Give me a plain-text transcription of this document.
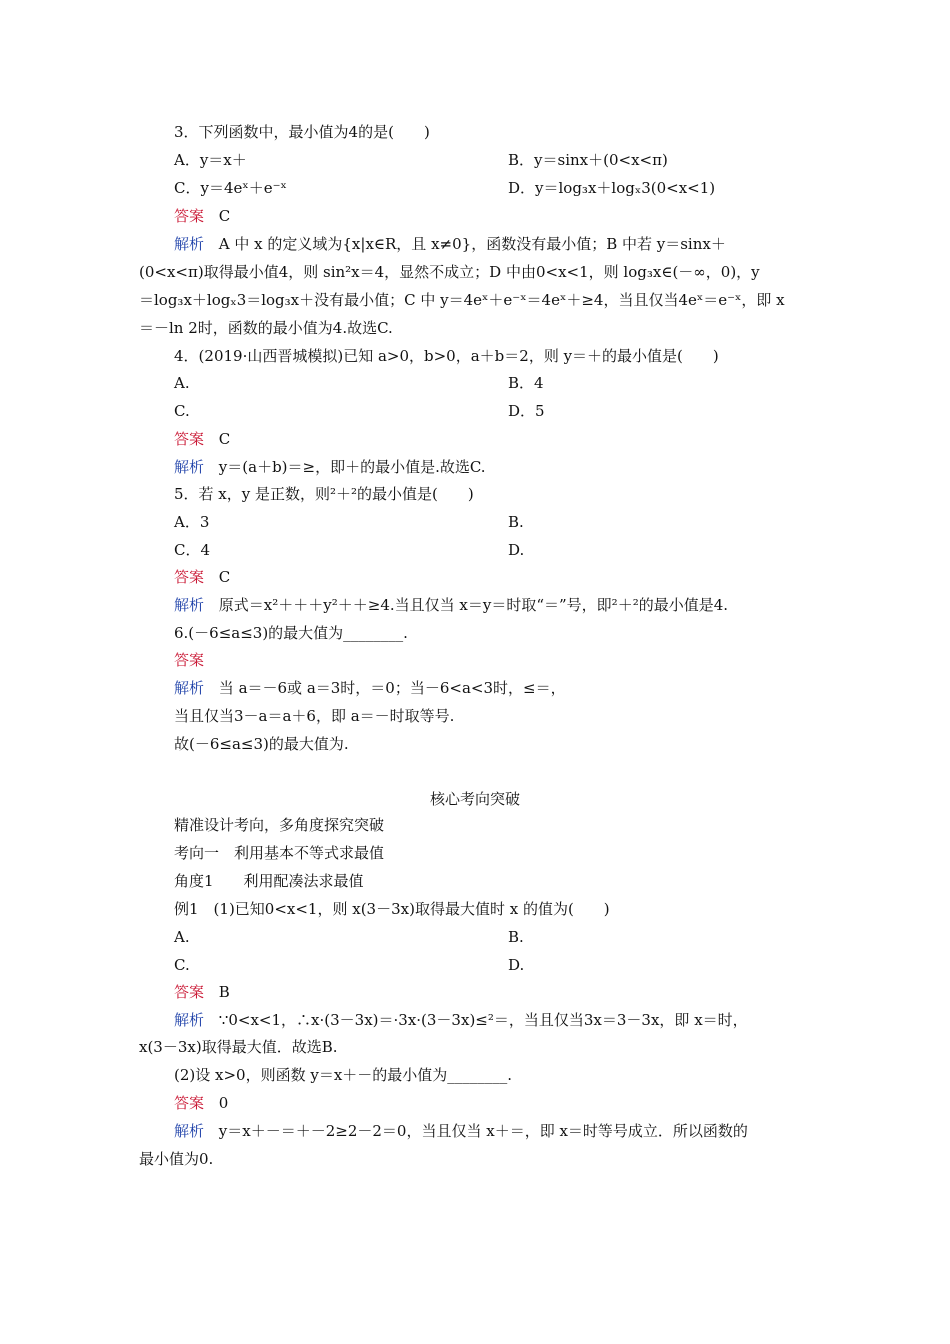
3．下列函数中，最小值为4的是(　　)
A．y＝x＋	B．y＝sinx＋(0<x<π)
C．y＝4eˣ＋e⁻ˣ	D．y＝log₃x＋logₓ3(0<x<1)
答案 C
解析 A 中 x 的定义域为{x|x∈R，且 x≠0}，函数没有最小值；B 中若 y＝sinx＋
(0<x<π)取得最小值4，则 sin²x＝4，显然不成立；D 中由0<x<1，则 log₃x∈(－∞，0)，y
＝log₃x＋logₓ3＝log₃x＋没有最小值；C 中 y＝4eˣ＋e⁻ˣ＝4eˣ＋≥4，当且仅当4eˣ＝e⁻ˣ，即 x
＝－ln 2时，函数的最小值为4.故选C.
4．(2019·山西晋城模拟)已知 a>0，b>0，a＋b＝2，则 y＝＋的最小值是(　　)
A.	B．4
C.	D．5
答案 C
解析 y＝(a＋b)＝≥，即＋的最小值是.故选C.
5．若 x，y 是正数，则²＋²的最小值是(　　)
A．3	B.
C．4	D.
答案 C
解析 原式＝x²＋＋＋y²＋＋≥4.当且仅当 x＝y＝时取“＝”号，即²＋²的最小值是4.
6.(－6≤a≤3)的最大值为________.
答案
解析 当 a＝－6或 a＝3时，＝0；当－6<a<3时，≤＝，
当且仅当3－a＝a＋6，即 a＝－时取等号.
故(－6≤a≤3)的最大值为.
核心考向突破
精准设计考向，多角度探究突破
考向一　利用基本不等式求最值
角度1　　利用配凑法求最值
例1　(1)已知0<x<1，则 x(3－3x)取得最大值时 x 的值为(　　)
A.	B.
C.	D.
答案 B
解析 ∵0<x<1，∴x·(3－3x)＝·3x·(3－3x)≤²＝，当且仅当3x＝3－3x，即 x＝时，
x(3－3x)取得最大值．故选B.
(2)设 x>0，则函数 y＝x＋－的最小值为________.
答案 0
解析 y＝x＋－＝＋－2≥2－2＝0，当且仅当 x＋＝，即 x＝时等号成立．所以函数的
最小值为0.
